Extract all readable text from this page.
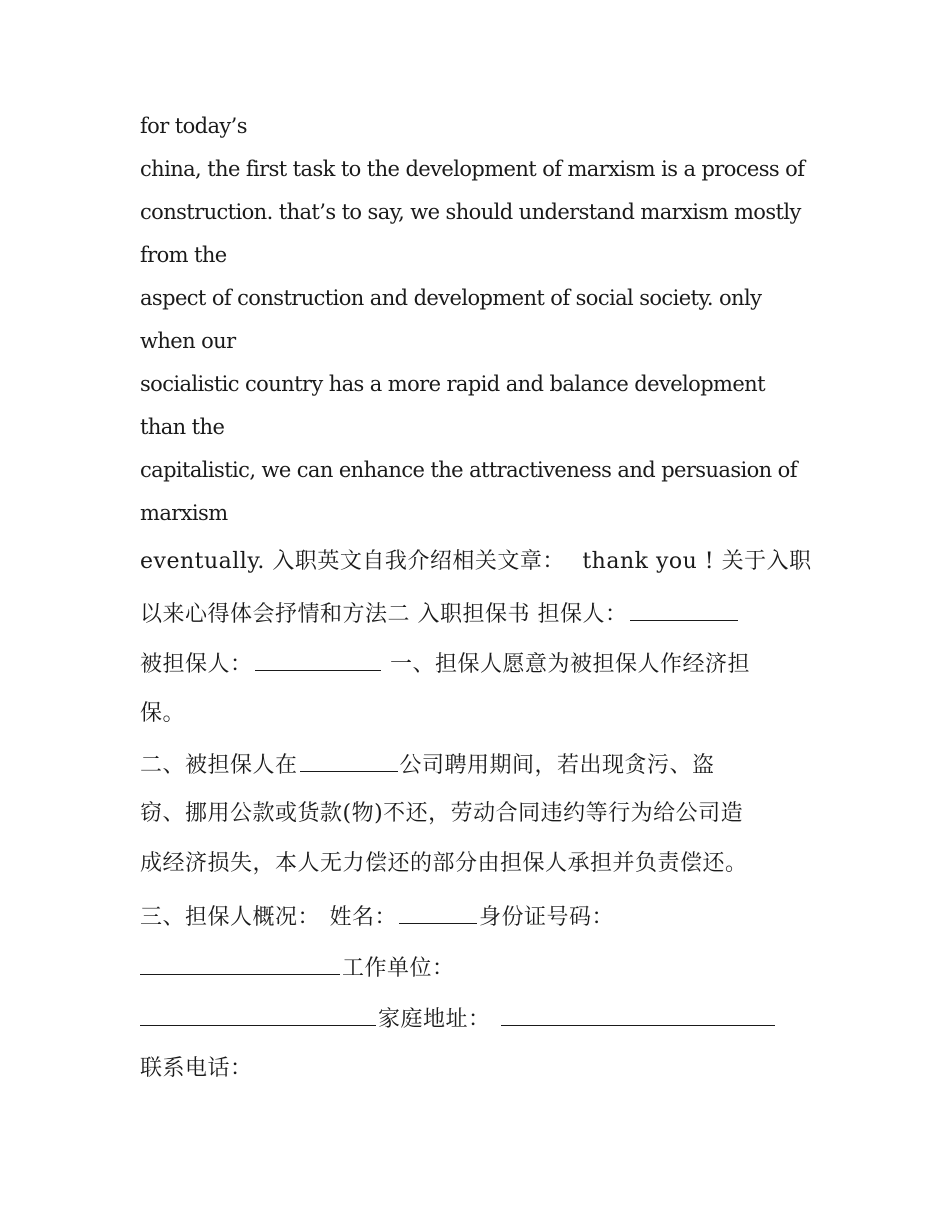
for today’s
china, the first task to the development of marxism is a process of
construction. that’s to say, we should understand marxism mostly
from the
aspect of construction and development of social society. only
when our
socialistic country has a more rapid and balance development
than the
capitalistic, we can enhance the attractiveness and persuasion of
marxism
eventually. 入职英文自我介绍相关文章： thank you ! 关于入职
以来心得体会抒情和方法二 入职担保书 担保人：
被担保人：	一、担保人愿意为被担保人作经济担
保。
二、被担保人在	公司聘用期间，若出现贪污、盗
窃、挪用公款或货款(物)不还，劳动合同违约等行为给公司造
成经济损失，本人无力偿还的部分由担保人承担并负责偿还。
三、担保人概况： 姓名：	身份证号码：
工作单位：
家庭地址：
联系电话：
